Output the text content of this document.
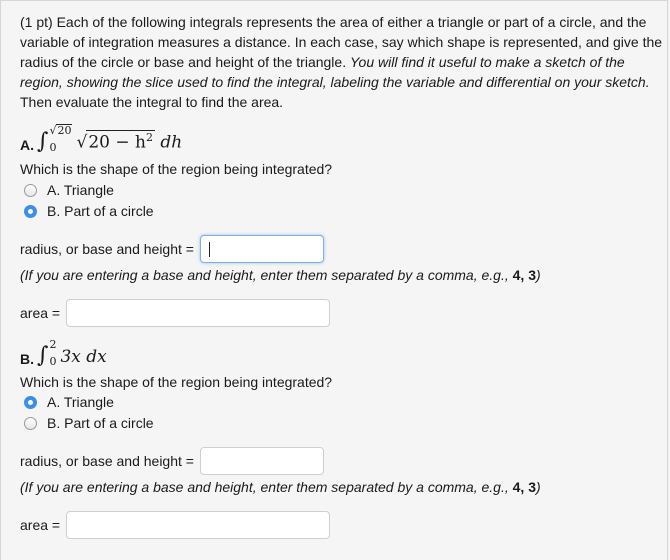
(1 pt) Each of the following integrals represents the area of either a triangle or part of a circle, and the variable of integration measures a distance. In each case, say which shape is represented, and give the radius of the circle or base and height of the triangle. You will find it useful to make a sketch of the region, showing the slice used to find the integral, labeling the variable and differential on your sketch. Then evaluate the integral to find the area.
A. ∫ √20
0	$√20 - h^2$ dh
Which is the shape of the region being integrated?
A. Triangle
B. Part of a circle
radius, or base and height =
(If you are entering a base and height, enter them separated by a comma, e.g., 4, 3)
area =
B. ∫ 2
0 3x dx
Which is the shape of the region being integrated?
A. Triangle
B. Part of a circle
radius, or base and height =
(If you are entering a base and height, enter them separated by a comma, e.g., 4, 3)
area =
